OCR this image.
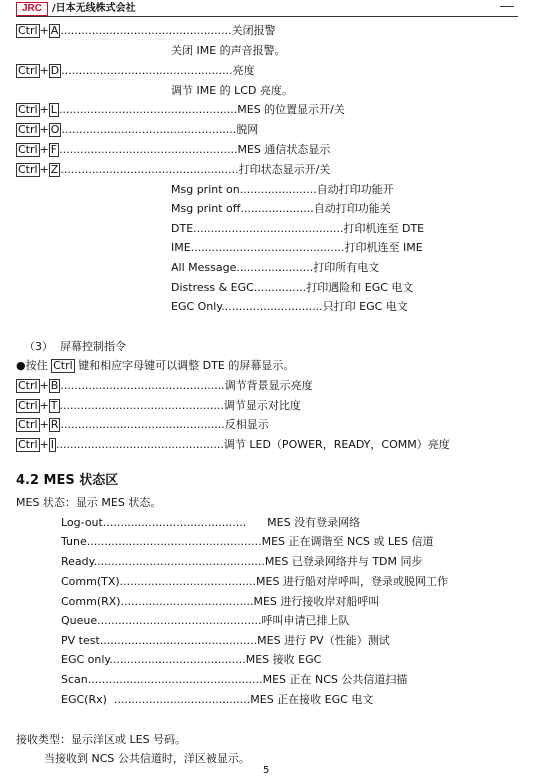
JRC	/日本无线株式会社
Ctrl + A .................................................关闭报警
关闭 IME 的声音报警。
Ctrl + D .................................................亮度
调节 IME 的 LCD 亮度。
Ctrl + L ...................................................MES 的位置显示开/关
Ctrl + O ..................................................脱网
Ctrl + F ...................................................MES 通信状态显示
Ctrl + Z ...................................................打印状态显示开/关
Msg print on......................自动打印功能开
Msg print off.....................自动打印功能关
DTE...........................................打印机连至 DTE
IME............................................打印机连至 IME
All Message......................打印所有电文
Distress & EGC...............打印遇险和 EGC 电文
EGC Only.............................只打印 EGC 电文
（3）  屏幕控制指令
●按住 Ctrl 键和相应字母键可以调整 DTE 的屏幕显示。
Ctrl + B ...............................................调节背景显示亮度
Ctrl + T ...............................................调节显示对比度
Ctrl + R ...............................................反相显示
Ctrl + I ................................................调节 LED（POWER，READY，COMM）亮度
MES 状态：显示 MES 状态。
Log-out.........................................      MES 没有登录网络
Tune..................................................MES 正在调谐至 NCS 或 LES 信道
Ready.................................................MES 已登录网络并与 TDM 同步
Comm(TX).......................................MES 进行船对岸呼叫，登录或脱网工作
Comm(RX)......................................MES 进行接收岸对船呼叫
Queue...............................................呼叫申请已排上队
PV test.............................................MES 进行 PV（性能）测试
EGC only.......................................MES 接收 EGC
Scan..................................................MES 正在 NCS 公共信道扫描
EGC(Rx)  .......................................MES 正在接收 EGC 电文
接收类型：显示洋区或 LES 号码。
当接收到 NCS 公共信道时，洋区被显示。
4.2 MES 状态区
5
